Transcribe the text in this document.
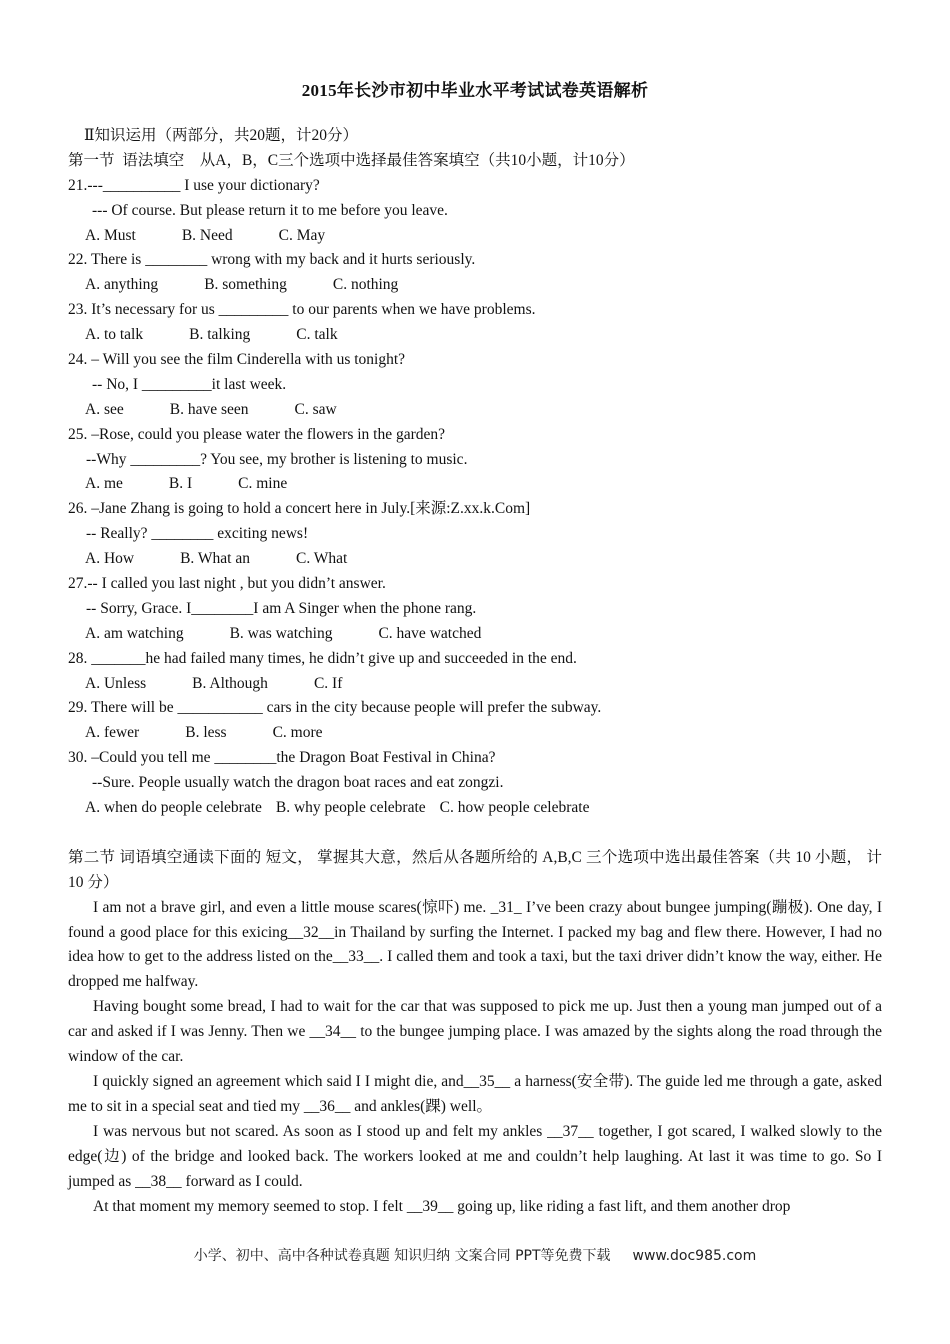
2015年长沙市初中毕业水平考试试卷英语解析
Ⅱ知识运用（两部分，共20题，计20分）
第一节  语法填空    从A，B，C三个选项中选择最佳答案填空（共10小题，计10分）
21.---__________ I use your dictionary?
--- Of course. But please return it to me before you leave.
A. Must	B. Need	C. May
22. There is ________ wrong with my back and it hurts seriously.
A. anything	B. something	C. nothing
23. It’s necessary for us _________ to our parents when we have problems.
A. to talk	B. talking	C. talk
24. – Will you see the film Cinderella with us tonight?
-- No, I _________it last week.
A. see	B. have seen	C. saw
25. –Rose, could you please water the flowers in the garden?
--Why _________? You see, my brother is listening to music.
A. me	B. I	C. mine
26. –Jane Zhang is going to hold a concert here in July.[来源:Z.xx.k.Com]
-- Really? ________ exciting news!
A. How	B. What an	C. What
27.-- I called you last night , but you didn’t answer.
-- Sorry, Grace. I________I am A Singer when the phone rang.
A. am watching	B. was watching	C. have watched
28. _______he had failed many times, he didn’t give up and succeeded in the end.
A. Unless	B. Although	C. If
29. There will be ___________ cars in the city because people will prefer the subway.
A. fewer	B. less	C. more
30. –Could you tell me ________the Dragon Boat Festival in China?
--Sure. People usually watch the dragon boat races and eat zongzi.
A. when do people celebrate B. why people celebrate C. how people celebrate
第二节 词语填空通读下面的 短文， 掌握其大意，然后从各题所给的 A,B,C 三个选项中选出最佳答案（共 10 小题， 计 10 分）
I am not a brave girl, and even a little mouse scares(惊吓) me. _31_ I’ve been crazy about bungee jumping(蹦极). One day, I found a good place for this exicing__32__in Thailand by surfing the Internet. I packed my bag and flew there. However, I had no idea how to get to the address listed on the__33__. I called them and took a taxi, but the taxi driver didn’t know the way, either. He dropped me halfway.
Having bought some bread, I had to wait for the car that was supposed to pick me up. Just then a young man jumped out of a car and asked if I was Jenny. Then we __34__ to the bungee jumping place. I was amazed by the sights along the road through the window of the car.
I quickly signed an agreement which said I I might die, and__35__ a harness(安全带). The guide led me through a gate, asked me to sit in a special seat and tied my __36__ and ankles(踝) well。
I was nervous but not scared. As soon as I stood up and felt my ankles __37__ together, I got scared, I walked slowly to the edge(边) of the bridge and looked back. The workers looked at me and couldn’t help laughing. At last it was time to go. So I jumped as __38__ forward as I could.
At that moment my memory seemed to stop. I felt __39__ going up, like riding a fast lift, and them another drop
小学、初中、高中各种试卷真题 知识归纳 文案合同 PPT等免费下载 www.doc985.com
